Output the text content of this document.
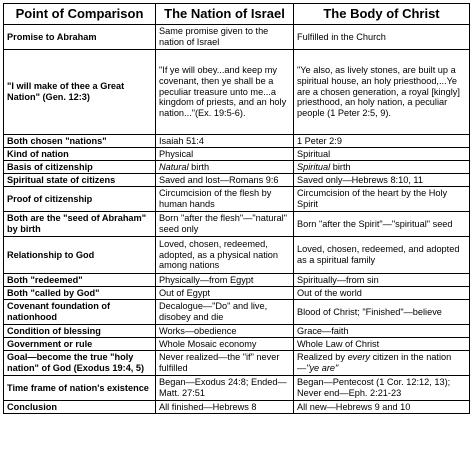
Point of Comparison	The Nation of Israel	The Body of Christ
Promise to Abraham	Same promise given to the nation of Israel	Fulfilled in the Church
"I will make of thee a Great Nation" (Gen. 12:3)	"If ye will obey...and keep my covenant, then ye shall be a peculiar treasure unto me...a kingdom of priests, and an holy nation..."(Ex. 19:5-6).	"Ye also, as lively stones, are built up a spiritual house, an holy priesthood,...Ye are a chosen generation, a royal [kingly] priesthood, an holy nation, a peculiar people (1 Peter 2:5, 9).
Both chosen "nations"	Isaiah 51:4	1 Peter 2:9
Kind of nation	Physical	Spiritual
Basis of citizenship	Natural birth	Spiritual birth
Spiritual state of citizens	Saved and lost—Romans 9:6	Saved only—Hebrews 8:10, 11
Proof of citizenship	Circumcision of the flesh by human hands	Circumcision of the heart by the Holy Spirit
Both are the "seed of Abraham" by birth	Born "after the flesh"—"natural" seed only	Born "after the Spirit"—"spiritual" seed
Relationship to God	Loved, chosen, redeemed, adopted, as a physical nation among nations	Loved, chosen, redeemed, and adopted as a spiritual family
Both "redeemed"	Physically—from Egypt	Spiritually—from sin
Both "called by God"	Out of Egypt	Out of the world
Covenant foundation of nationhood	Decalogue—"Do" and live, disobey and die	Blood of Christ; "Finished"—believe
Condition of blessing	Works—obedience	Grace—faith
Government or rule	Whole Mosaic economy	Whole Law of Christ
Goal—become the true "holy nation" of God (Exodus 19:4, 5)	Never realized—the "if" never fulfilled	Realized by every citizen in the nation—"ye are"
Time frame of nation's existence	Began—Exodus 24:8; Ended—Matt. 27:51	Began—Pentecost (1 Cor. 12:12, 13); Never end—Eph. 2:21-23
Conclusion	All finished—Hebrews 8	All new—Hebrews 9 and 10
